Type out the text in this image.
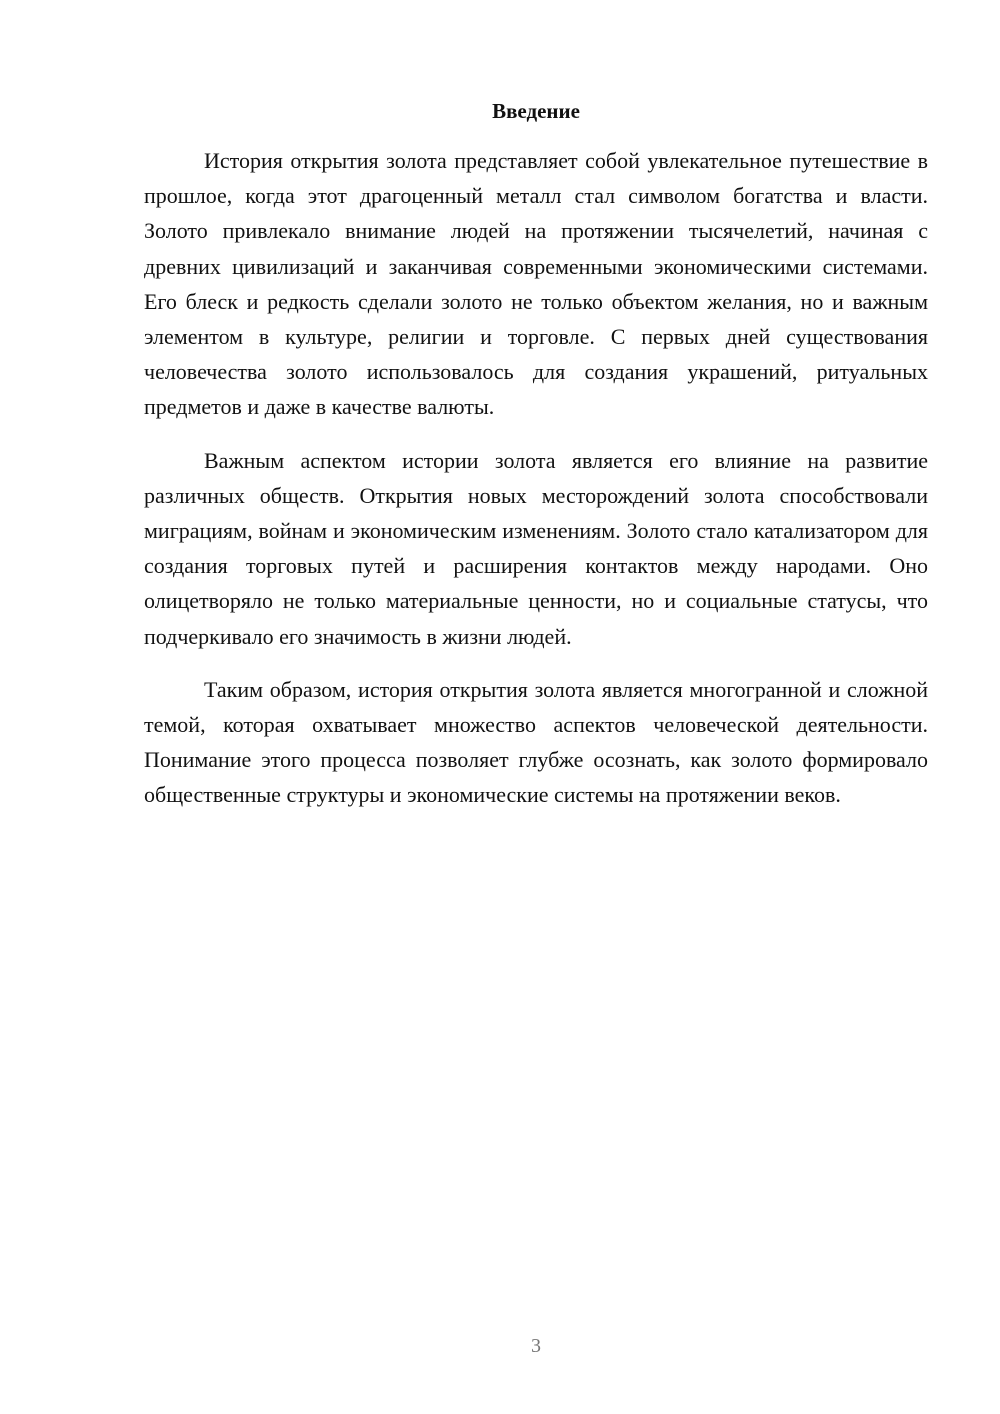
Введение

История открытия золота представляет собой увлекательное путешествие в прошлое, когда этот драгоценный металл стал символом богатства и власти. Золото привлекало внимание людей на протяжении тысячелетий, начиная с древних цивилизаций и заканчивая современными экономическими системами. Его блеск и редкость сделали золото не только объектом желания, но и важным элементом в культуре, религии и торговле. С первых дней существования человечества золото использовалось для создания украшений, ритуальных предметов и даже в качестве валюты.

Важным аспектом истории золота является его влияние на развитие различных обществ. Открытия новых месторождений золота способствовали миграциям, войнам и экономическим изменениям. Золото стало катализатором для создания торговых путей и расширения контактов между народами. Оно олицетворяло не только материальные ценности, но и социальные статусы, что подчеркивало его значимость в жизни людей.

Таким образом, история открытия золота является многогранной и сложной темой, которая охватывает множество аспектов человеческой деятельности. Понимание этого процесса позволяет глубже осознать, как золото формировало общественные структуры и экономические системы на протяжении веков.

3
